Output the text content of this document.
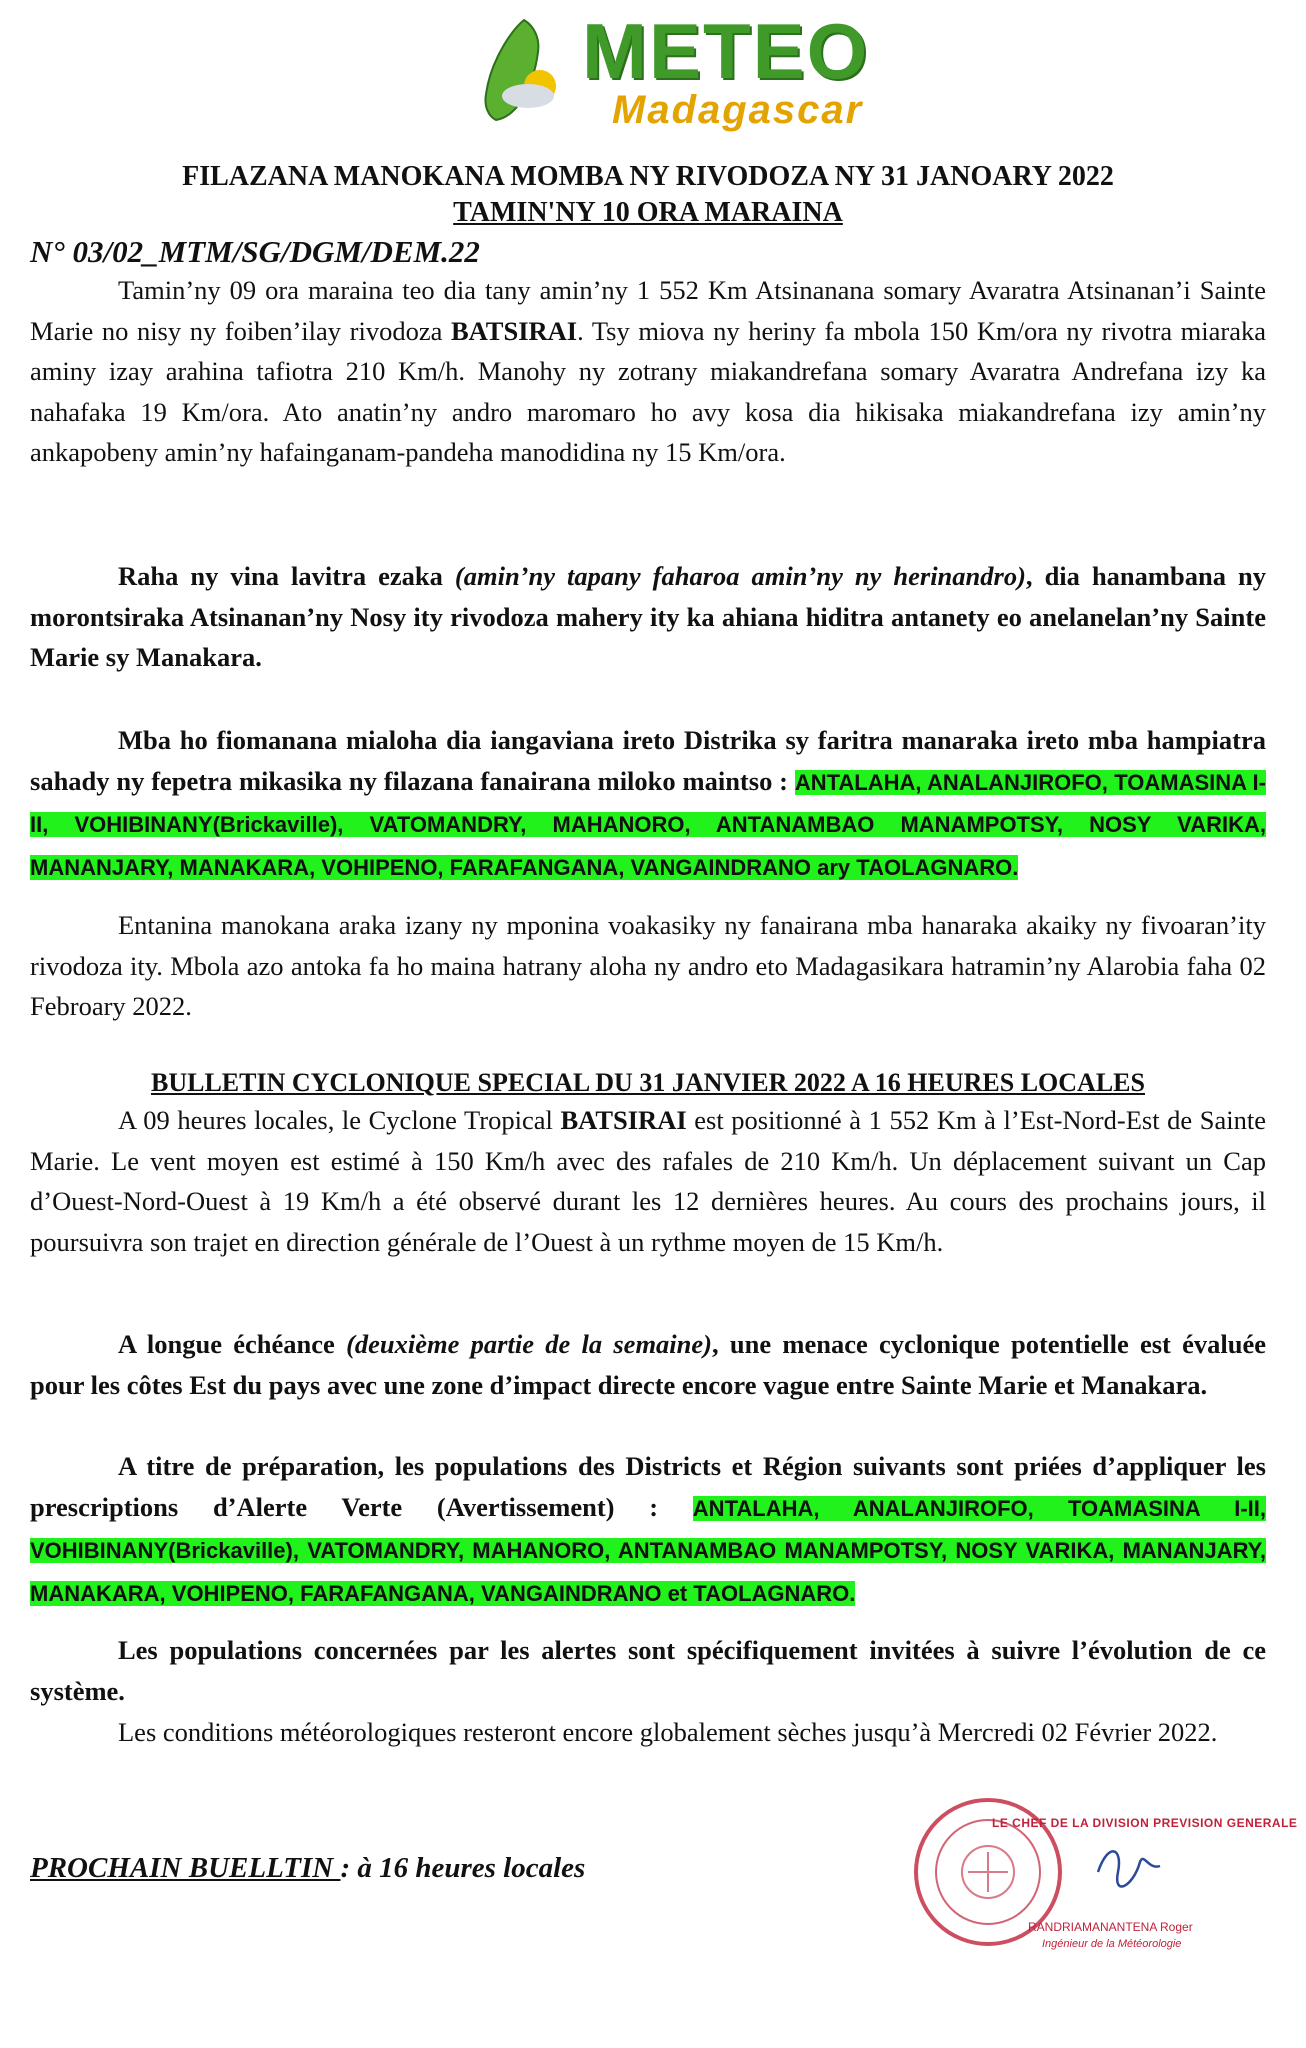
METEO
Madagascar
FILAZANA MANOKANA MOMBA NY RIVODOZA NY 31 JANOARY 2022
TAMIN'NY 10 ORA MARAINA
N° 03/02_MTM/SG/DGM/DEM.22
Tamin’ny 09 ora maraina teo dia tany amin’ny 1 552 Km Atsinanana somary Avaratra Atsinanan’i Sainte Marie no nisy ny foiben’ilay rivodoza BATSIRAI. Tsy miova ny heriny fa mbola 150 Km/ora ny rivotra miaraka aminy izay arahina tafiotra 210 Km/h. Manohy ny zotrany miakandrefana somary Avaratra Andrefana izy ka nahafaka 19 Km/ora. Ato anatin’ny andro maromaro ho avy kosa dia hikisaka miakandrefana izy amin’ny ankapobeny amin’ny hafainganam-pandeha manodidina ny 15 Km/ora.
Raha ny vina lavitra ezaka (amin’ny tapany faharoa amin’ny ny herinandro), dia hanambana ny morontsiraka Atsinanan’ny Nosy ity rivodoza mahery ity ka ahiana hiditra antanety eo anelanelan’ny Sainte Marie sy Manakara.
Mba ho fiomanana mialoha dia iangaviana ireto Distrika sy faritra manaraka ireto mba hampiatra sahady ny fepetra mikasika ny filazana fanairana miloko maintso : ANTALAHA, ANALANJIROFO, TOAMASINA I-II, VOHIBINANY(Brickaville), VATOMANDRY, MAHANORO, ANTANAMBAO MANAMPOTSY, NOSY VARIKA, MANANJARY, MANAKARA, VOHIPENO, FARAFANGANA, VANGAINDRANO ary TAOLAGNARO.
Entanina manokana araka izany ny mponina voakasiky ny fanairana mba hanaraka akaiky ny fivoaran’ity rivodoza ity. Mbola azo antoka fa ho maina hatrany aloha ny andro eto Madagasikara hatramin’ny Alarobia faha 02 Febroary 2022.
BULLETIN CYCLONIQUE SPECIAL DU 31 JANVIER 2022 A 16 HEURES LOCALES
A 09 heures locales, le Cyclone Tropical BATSIRAI est positionné à 1 552 Km à l’Est-Nord-Est de Sainte Marie. Le vent moyen est estimé à 150 Km/h avec des rafales de 210 Km/h. Un déplacement suivant un Cap d’Ouest-Nord-Ouest à 19 Km/h a été observé durant les 12 dernières heures. Au cours des prochains jours, il poursuivra son trajet en direction générale de l’Ouest à un rythme moyen de 15 Km/h.
A longue échéance (deuxième partie de la semaine), une menace cyclonique potentielle est évaluée pour les côtes Est du pays avec une zone d’impact directe encore vague entre Sainte Marie et Manakara.
A titre de préparation, les populations des Districts et Région suivants sont priées d’appliquer les prescriptions d’Alerte Verte (Avertissement) : ANTALAHA, ANALANJIROFO, TOAMASINA I-II, VOHIBINANY(Brickaville), VATOMANDRY, MAHANORO, ANTANAMBAO MANAMPOTSY, NOSY VARIKA, MANANJARY, MANAKARA, VOHIPENO, FARAFANGANA, VANGAINDRANO et TAOLAGNARO.
Les populations concernées par les alertes sont spécifiquement invitées à suivre l’évolution de ce système.
Les conditions météorologiques resteront encore globalement sèches jusqu’à Mercredi 02 Février 2022.
PROCHAIN BUELLTIN : à 16 heures locales
LE CHEF DE LA DIVISION PREVISION GENERALE
RANDRIAMANANTENA Roger
Ingénieur de la Météorologie
